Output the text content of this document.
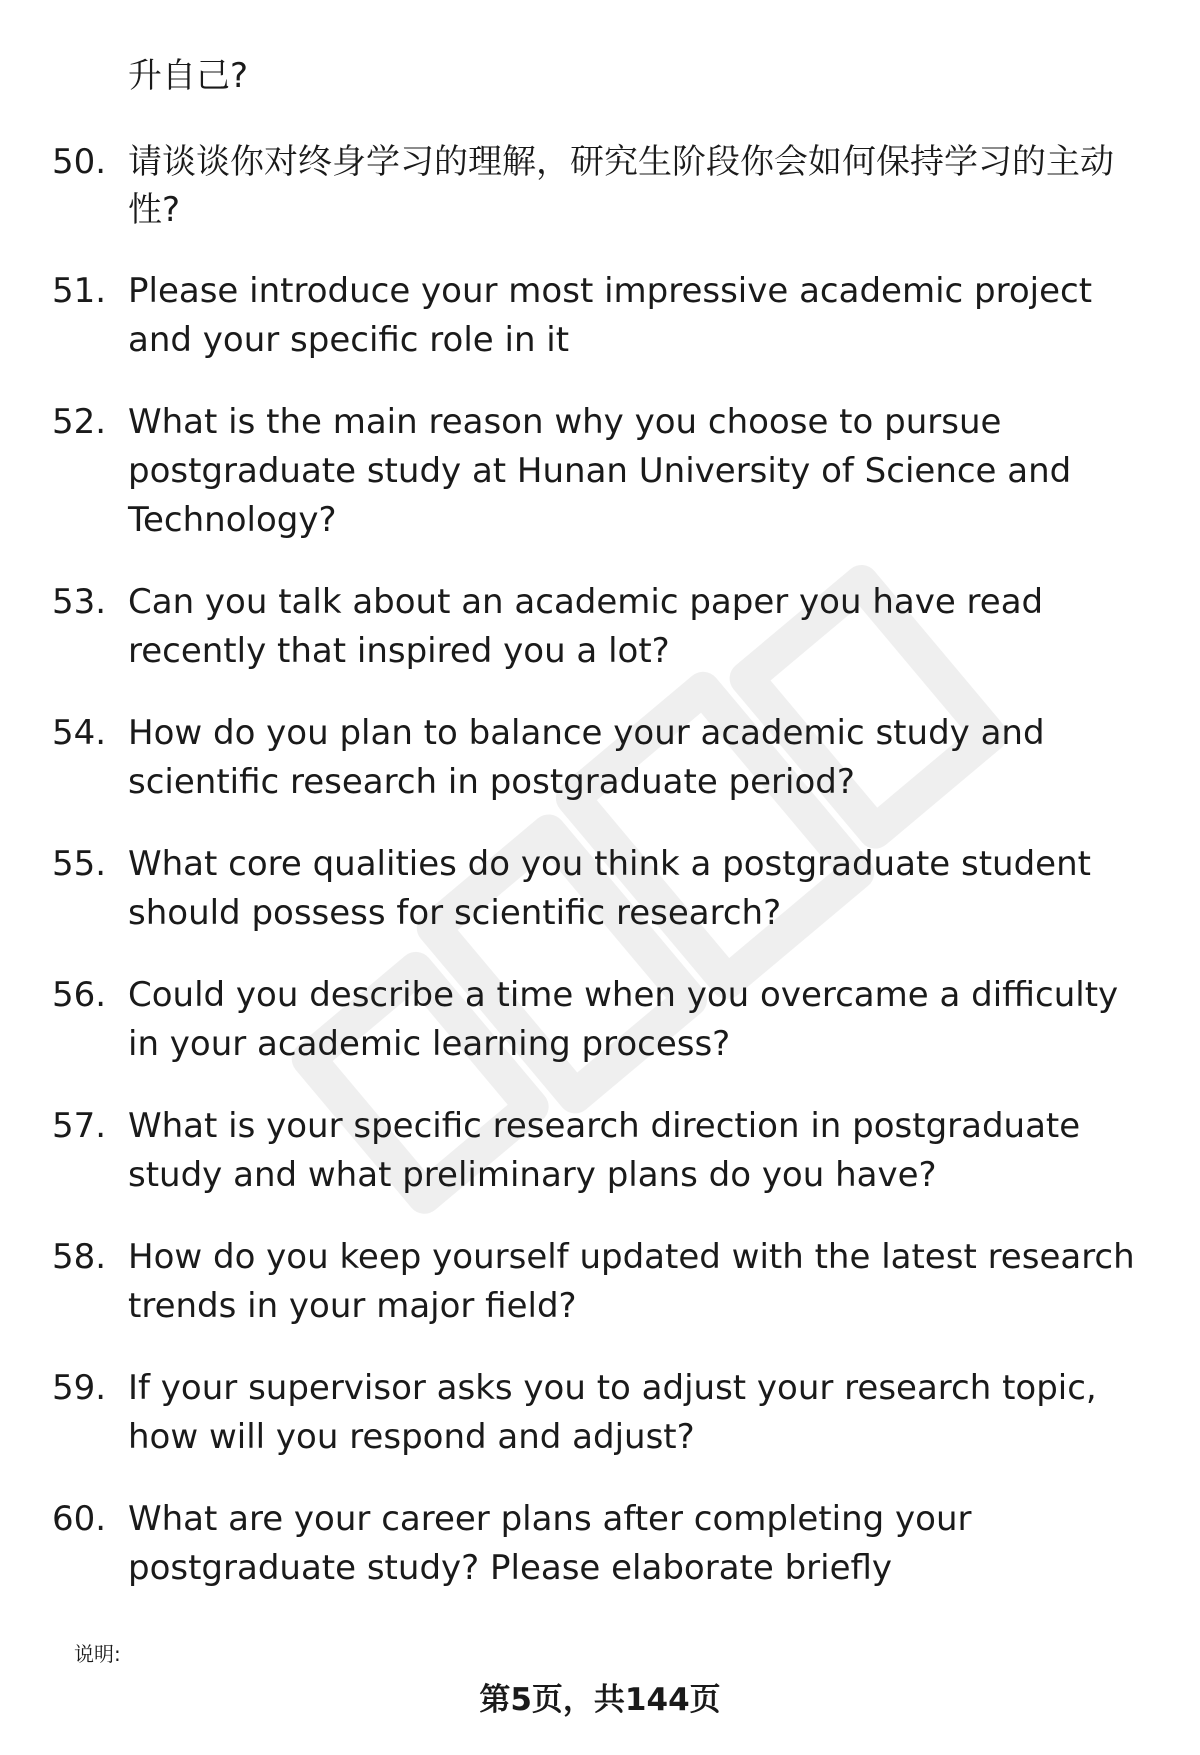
升自己?

50. 请谈谈你对终身学习的理解，研究生阶段你会如何保持学习的主动性?
51. Please introduce your most impressive academic project and your specific role in it
52. What is the main reason why you choose to pursue postgraduate study at Hunan University of Science and Technology?
53. Can you talk about an academic paper you have read recently that inspired you a lot?
54. How do you plan to balance your academic study and scientific research in postgraduate period?
55. What core qualities do you think a postgraduate student should possess for scientific research?
56. Could you describe a time when you overcame a difficulty in your academic learning process?
57. What is your specific research direction in postgraduate study and what preliminary plans do you have?
58. How do you keep yourself updated with the latest research trends in your major field?
59. If your supervisor asks you to adjust your research topic, how will you respond and adjust?
60. What are your career plans after completing your postgraduate study? Please elaborate briefly

说明:

第5页，共144页
